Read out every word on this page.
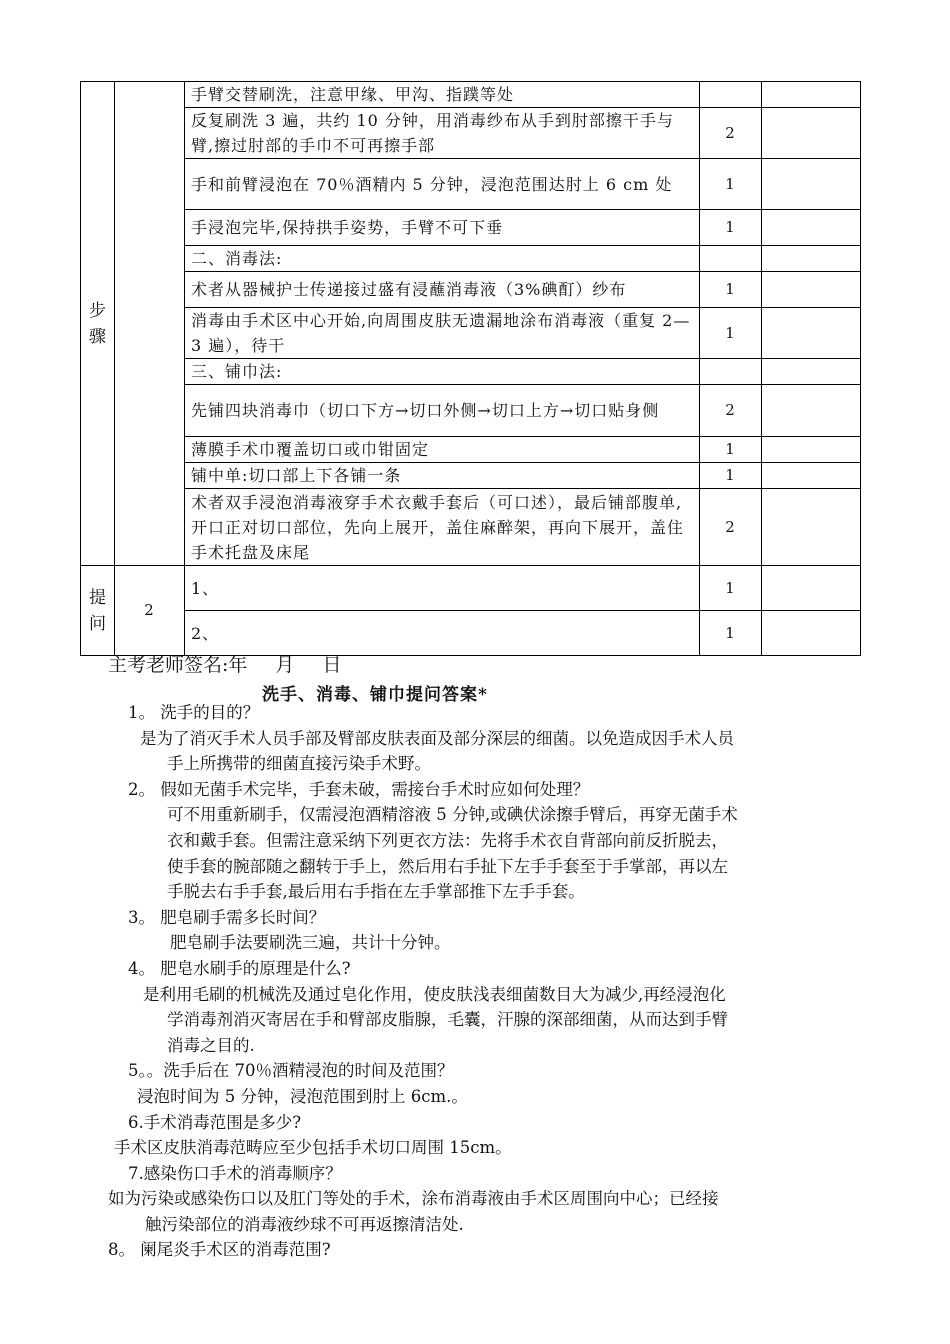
步骤		手臂交替刷洗，注意甲缘、甲沟、指蹼等处		
		反复刷洗 3 遍，共约 10 分钟，用消毒纱布从手到肘部擦干手与臂,擦过肘部的手巾不可再擦手部	2	
		手和前臂浸泡在 70％酒精内 5 分钟，浸泡范围达肘上 6 cm 处	1	
		手浸泡完毕,保持拱手姿势，手臂不可下垂	1	
		二、消毒法:		
		术者从器械护士传递接过盛有浸蘸消毒液（3%碘酊）纱布	1	
		消毒由手术区中心开始,向周围皮肤无遗漏地涂布消毒液（重复 2—3 遍），待干	1	
		三、铺巾法:		
		先铺四块消毒巾（切口下方→切口外侧→切口上方→切口贴身侧	2	
		薄膜手术巾覆盖切口或巾钳固定	1	
		铺中单:切口部上下各铺一条	1	
		术者双手浸泡消毒液穿手术衣戴手套后（可口述），最后铺部腹单,开口正对切口部位，先向上展开，盖住麻醉架，再向下展开，盖住手术托盘及床尾	2	
提问	2	1、	1	
		2、	1	
主考老师签名:年 月 日
洗手、消毒、铺巾提问答案*

1。 洗手的目的？

是为了消灭手术人员手部及臂部皮肤表面及部分深层的细菌。以免造成因手术人员

手上所携带的细菌直接污染手术野。

2。 假如无菌手术完毕，手套未破，需接台手术时应如何处理？

可不用重新刷手，仅需浸泡酒精溶液 5 分钟,或碘伏涂擦手臂后，再穿无菌手术

衣和戴手套。但需注意采纳下列更衣方法：先将手术衣自背部向前反折脱去，

使手套的腕部随之翻转于手上，然后用右手扯下左手手套至于手掌部，再以左

手脱去右手手套,最后用右手指在左手掌部推下左手手套。

3。 肥皂刷手需多长时间？

肥皂刷手法要刷洗三遍，共计十分钟。

4。 肥皂水刷手的原理是什么?

是利用毛刷的机械洗及通过皂化作用，使皮肤浅表细菌数目大为减少,再经浸泡化

学消毒剂消灭寄居在手和臂部皮脂腺，毛囊，汗腺的深部细菌，从而达到手臂

消毒之目的.

5。。洗手后在 70％酒精浸泡的时间及范围？

浸泡时间为 5 分钟，浸泡范围到肘上 6cm.。

6.手术消毒范围是多少?

手术区皮肤消毒范畴应至少包括手术切口周围 15cm。

7.感染伤口手术的消毒顺序？

如为污染或感染伤口以及肛门等处的手术，涂布消毒液由手术区周围向中心；已经接

触污染部位的消毒液纱球不可再返擦清洁处.

8。 阑尾炎手术区的消毒范围?
